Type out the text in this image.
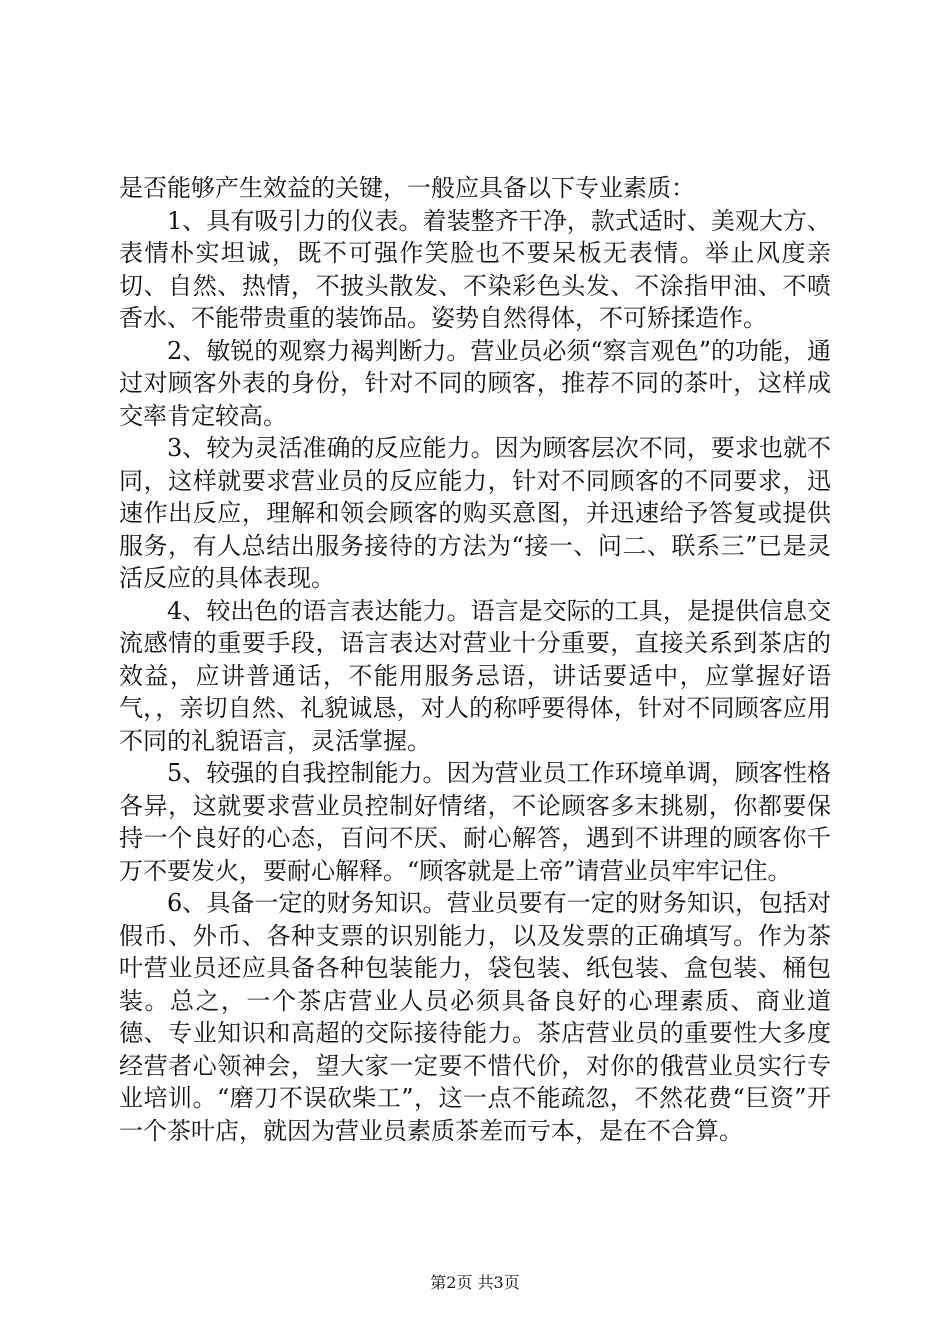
是否能够产生效益的关键，一般应具备以下专业素质：

1、具有吸引力的仪表。着装整齐干净，款式适时、美观大方、表情朴实坦诚，既不可强作笑脸也不要呆板无表情。举止风度亲切、自然、热情，不披头散发、不染彩色头发、不涂指甲油、不喷香水、不能带贵重的装饰品。姿势自然得体，不可矫揉造作。

2、敏锐的观察力褐判断力。营业员必须“察言观色”的功能，通过对顾客外表的身份，针对不同的顾客，推荐不同的茶叶，这样成交率肯定较高。

3、较为灵活准确的反应能力。因为顾客层次不同，要求也就不同，这样就要求营业员的反应能力，针对不同顾客的不同要求，迅速作出反应，理解和领会顾客的购买意图，并迅速给予答复或提供服务，有人总结出服务接待的方法为“接一、问二、联系三”已是灵活反应的具体表现。

4、较出色的语言表达能力。语言是交际的工具，是提供信息交流感情的重要手段，语言表达对营业十分重要，直接关系到茶店的效益，应讲普通话，不能用服务忌语，讲话要适中，应掌握好语气，，亲切自然、礼貌诚恳，对人的称呼要得体，针对不同顾客应用不同的礼貌语言，灵活掌握。

5、较强的自我控制能力。因为营业员工作环境单调，顾客性格各异，这就要求营业员控制好情绪，不论顾客多末挑剔，你都要保持一个良好的心态，百问不厌、耐心解答，遇到不讲理的顾客你千万不要发火，要耐心解释。“顾客就是上帝”请营业员牢牢记住。

6、具备一定的财务知识。营业员要有一定的财务知识，包括对假币、外币、各种支票的识别能力，以及发票的正确填写。作为茶叶营业员还应具备各种包装能力，袋包装、纸包装、盒包装、桶包装。总之，一个茶店营业人员必须具备良好的心理素质、商业道德、专业知识和高超的交际接待能力。茶店营业员的重要性大多度经营者心领神会，望大家一定要不惜代价，对你的俄营业员实行专业培训。“磨刀不误砍柴工”，这一点不能疏忽，不然花费“巨资”开一个茶叶店，就因为营业员素质茶差而亏本，是在不合算。

第2页 共3页
